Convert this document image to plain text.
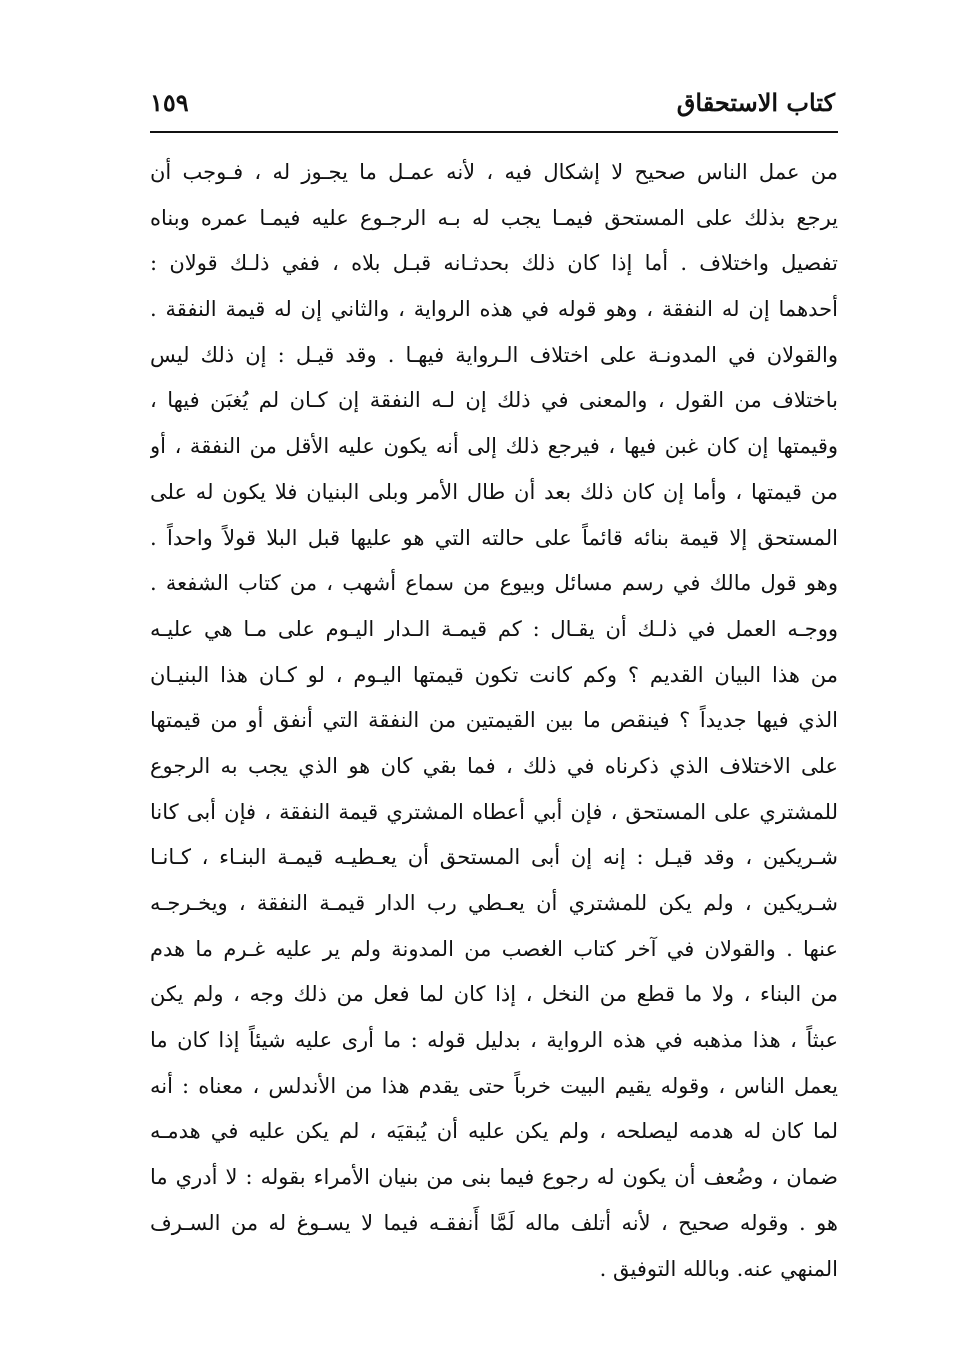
كتاب الاستحقاق
١٥٩
من عمل الناس صحيح لا إشكال فيه ، لأنه عمـل ما يجـوز له ، فـوجب أن
يرجع بذلك على المستحق فيمـا يجب له بـه الرجـوع عليه فيمـا عمره وبناه
تفصيل واختلاف . أما إذا كان ذلك بحدثـانه قبـل بلاه ، ففي ذلـك قولان :
أحدهما إن له النفقة ، وهو قوله في هذه الرواية ، والثاني إن له قيمة النفقة .
والقولان في المدونـة على اختلاف الـرواية فيهـا . وقد قيـل : إن ذلك ليس
باختلاف من القول ، والمعنى في ذلك إن لـه النفقة إن كـان لم يُغبَن فيها ،
وقيمتها إن كان غبن فيها ، فيرجع ذلك إلى أنه يكون عليه الأقل من النفقة ، أو
من قيمتها ، وأما إن كان ذلك بعد أن طال الأمر وبلى البنيان فلا يكون له على
المستحق إلا قيمة بنائه قائماً على حالته التي هو عليها قبل البلا قولاً واحداً .
وهو قول مالك في رسم مسائل وبيوع من سماع أشهب ، من كتاب الشفعة .
ووجـه العمل في ذلـك أن يقـال : كم قيمـة الـدار اليـوم على مـا هي عليـه
من هذا البيان القديم ؟ وكم كانت تكون قيمتها اليـوم ، لو كـان هذا البنيـان
الذي فيها جديداً ؟ فينقص ما بين القيمتين من النفقة التي أنفق أو من قيمتها
على الاختلاف الذي ذكرناه في ذلك ، فما بقي كان هو الذي يجب به الرجوع
للمشتري على المستحق ، فإن أبي أعطاه المشتري قيمة النفقة ، فإن أبى كانا
شـريكين ، وقد قيـل : إنه إن أبى المستحق أن يعـطيـه قيمـة البنـاء ، كـانـا
شـريكين ، ولم يكن للمشتري أن يعـطي رب الدار قيمـة النفقة ، ويخـرجـه
عنها . والقولان في آخر كتاب الغصب من المدونة ولم ير عليه غـرم ما هدم
من البناء ، ولا ما قطع من النخل ، إذا كان لما فعل من ذلك وجه ، ولم يكن
عبثاً ، هذا مذهبه في هذه الرواية ، بدليل قوله : ما أرى عليه شيئاً إذا كان ما
يعمل الناس ، وقوله يقيم البيت خرباً حتى يقدم هذا من الأندلس ، معناه : أنه
لما كان له هدمه ليصلحه ، ولم يكن عليه أن يُبقيَه ، لم يكن عليه في هدمـه
ضمان ، وضُعف أن يكون له رجوع فيما بنى من بنيان الأمراء بقوله : لا أدري ما
هو . وقوله صحيح ، لأنه أتلف ماله لَمَّا أَنفقـه فيما لا يسـوغ له من السـرف
المنهي عنه. وبالله التوفيق .
